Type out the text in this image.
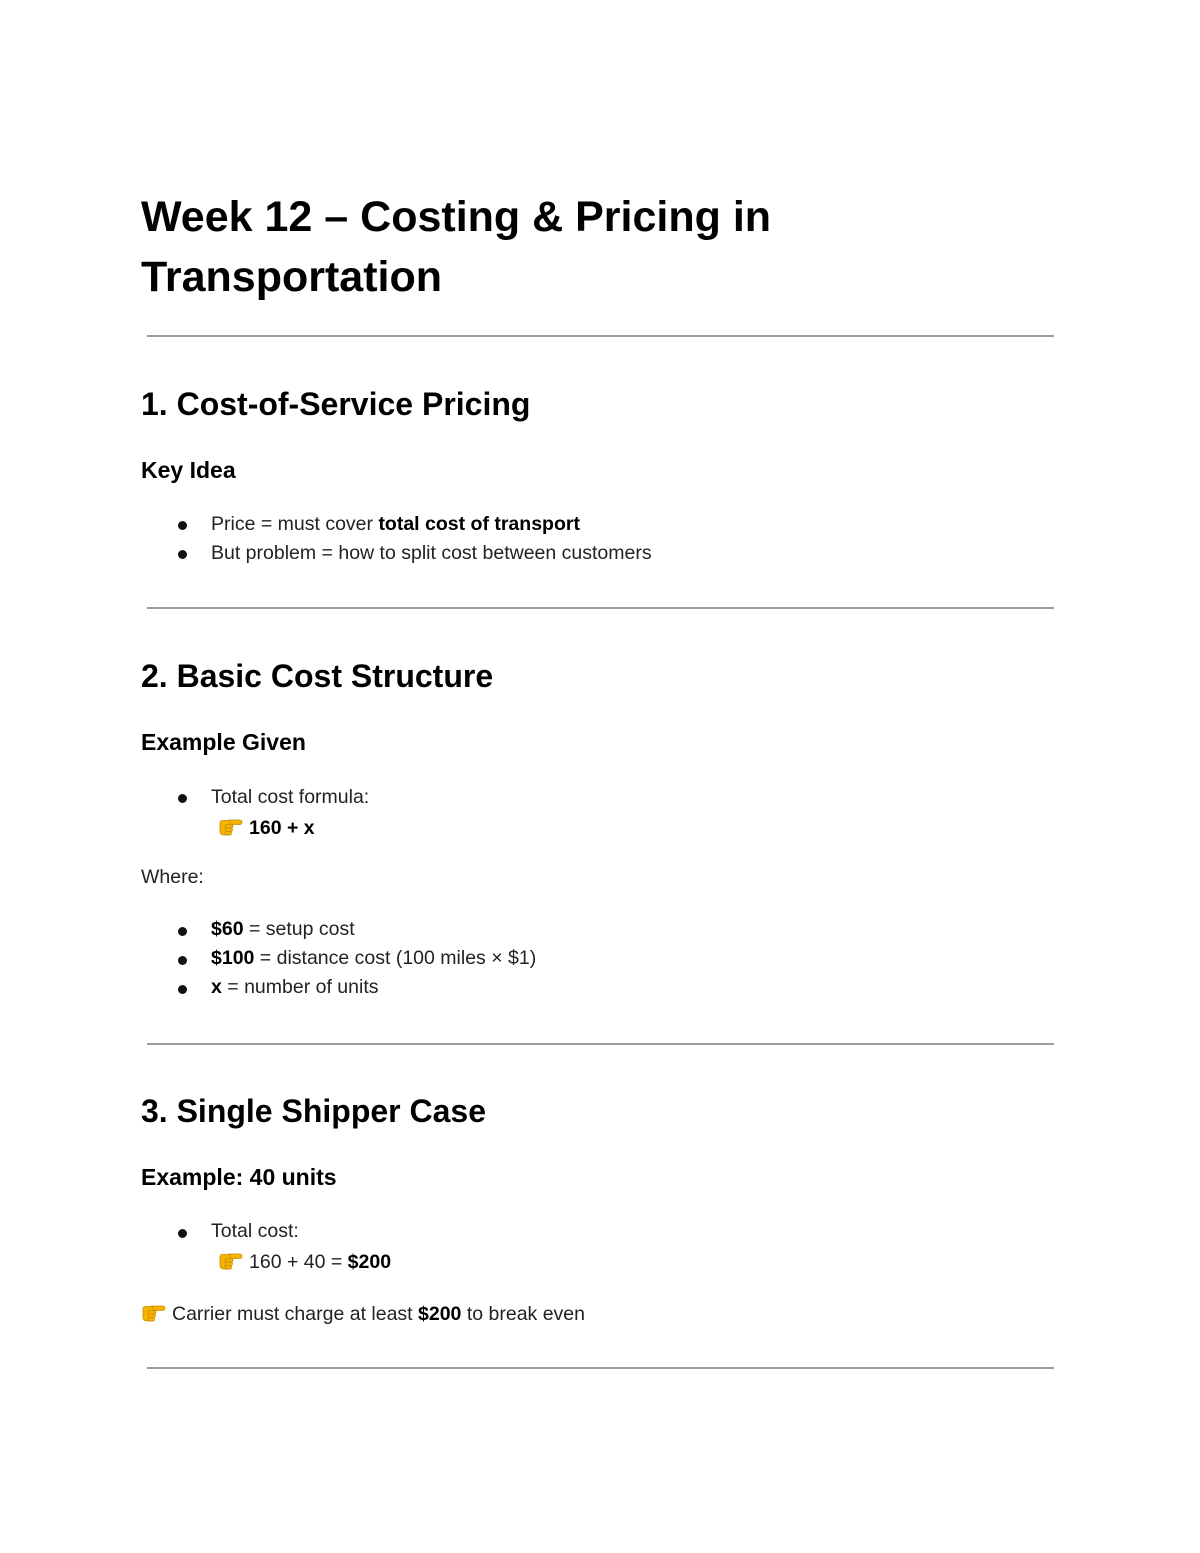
Week 12 – Costing & Pricing in
Transportation
1. Cost-of-Service Pricing
Key Idea
Price = must cover total cost of transport
But problem = how to split cost between customers
2. Basic Cost Structure
Example Given
Total cost formula:
160 + x
Where:
$60 = setup cost
$100 = distance cost (100 miles × $1)
x = number of units
3. Single Shipper Case
Example: 40 units
Total cost:
160 + 40 = $200
Carrier must charge at least $200 to break even
